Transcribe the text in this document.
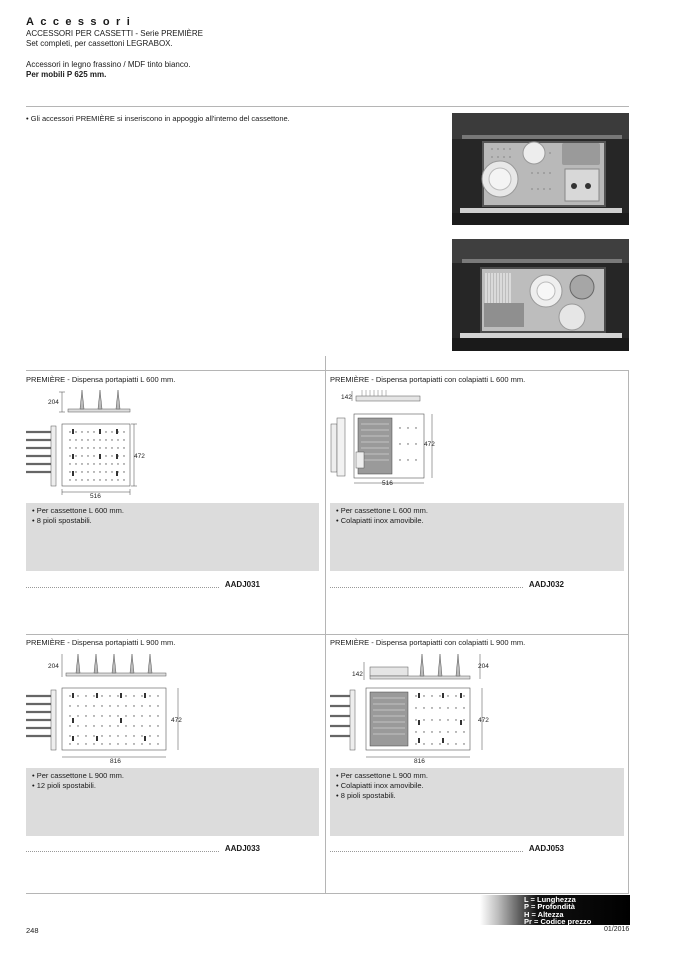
Accessori
ACCESSORI PER CASSETTI - Serie PREMIÈRE
Set completi, per cassettoni LEGRABOX.
Accessori in legno frassino / MDF tinto bianco.
Per mobili P 625 mm.
• Gli accessori PREMIÈRE si inseriscono in appoggio all'interno del cassettone.
PREMIÈRE - Dispensa portapiatti L 600 mm.
204
472
516
• Per cassettone L 600 mm.
• 8 pioli spostabili.
AADJ031
PREMIÈRE - Dispensa portapiatti con colapiatti L 600 mm.
142
472
516
• Per cassettone L 600 mm.
• Colapiatti inox amovibile.
AADJ032
PREMIÈRE - Dispensa portapiatti L 900 mm.
204
472
816
• Per cassettone L 900 mm.
• 12 pioli spostabili.
AADJ033
PREMIÈRE - Dispensa portapiatti con colapiatti L 900 mm.
142
204
472
816
• Per cassettone L 900 mm.
• Colapiatti inox amovibile.
• 8 pioli spostabili.
AADJ053
L = Lunghezza
P = Profondità
H = Altezza
Pr = Codice prezzo
248	01/2016
